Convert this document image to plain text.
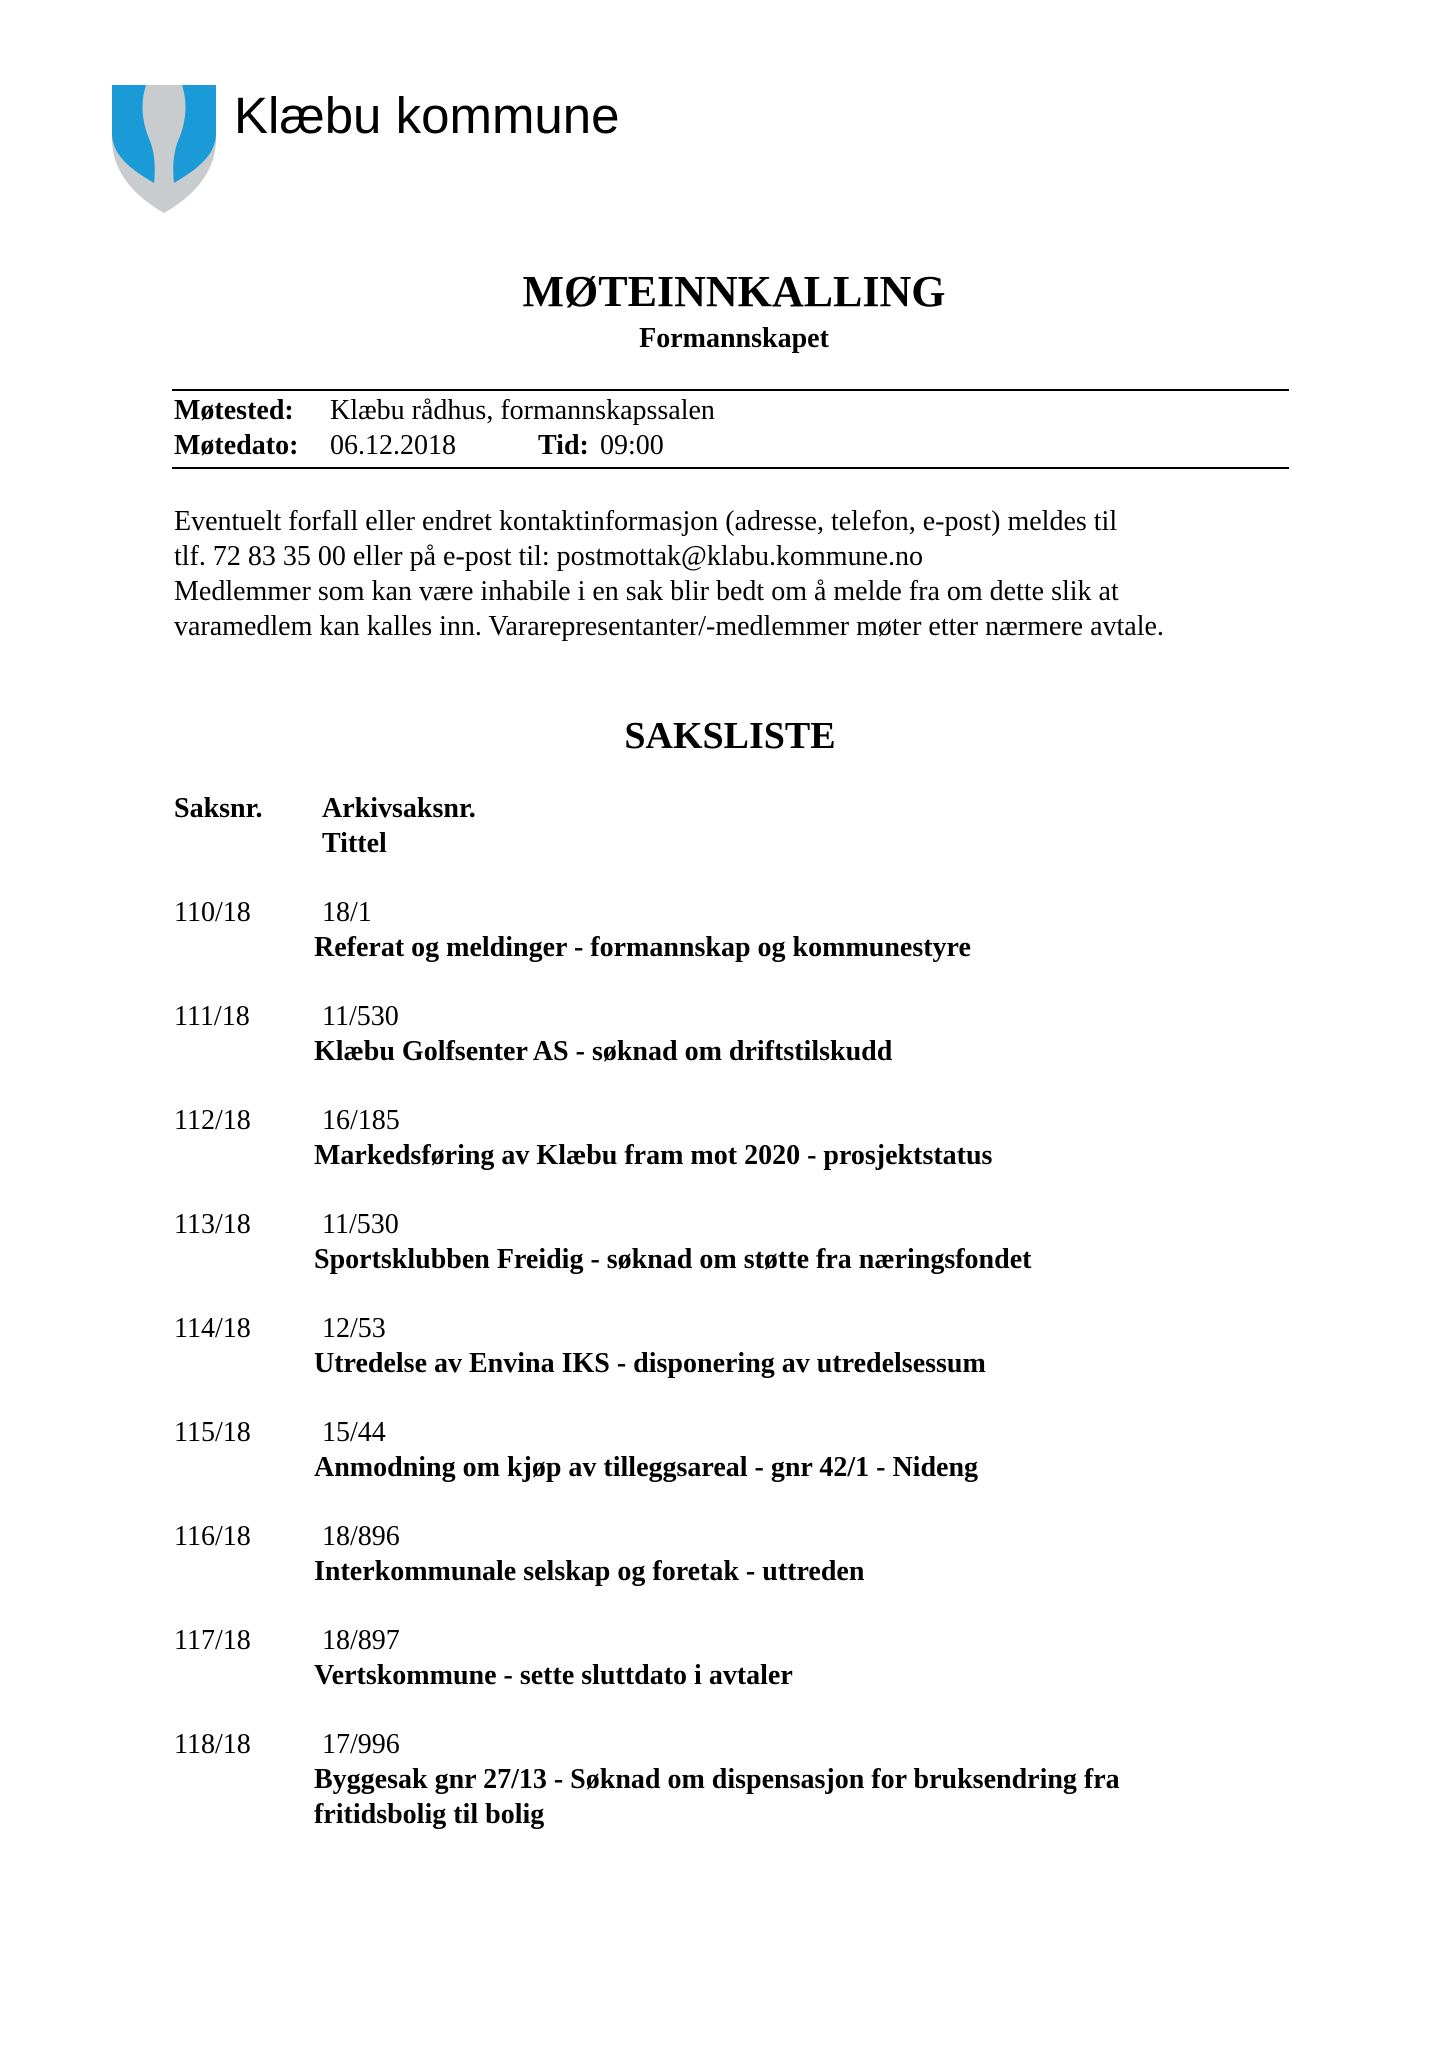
Klæbu kommune
MØTEINNKALLING
Formannskapet
Møtested: Klæbu rådhus, formannskapssalen
Møtedato: 06.12.2018	Tid: 09:00

Eventuelt forfall eller endret kontaktinformasjon (adresse, telefon, e-post) meldes til

tlf. 72 83 35 00 eller på e-post til: postmottak@klabu.kommune.no

Medlemmer som kan være inhabile i en sak blir bedt om å melde fra om dette slik at

varamedlem kan kalles inn. Vararepresentanter/-medlemmer møter etter nærmere avtale.

SAKSLISTE
Saksnr. Arkivsaksnr.
Tittel
110/18	18/1
Referat og meldinger - formannskap og kommunestyre
111/18	11/530
Klæbu Golfsenter AS - søknad om driftstilskudd
112/18	16/185
Markedsføring av Klæbu fram mot 2020 - prosjektstatus
113/18	11/530
Sportsklubben Freidig - søknad om støtte fra næringsfondet
114/18	12/53
Utredelse av Envina IKS - disponering av utredelsessum
115/18	15/44
Anmodning om kjøp av tilleggsareal - gnr 42/1 - Nideng
116/18	18/896
Interkommunale selskap og foretak - uttreden
117/18	18/897
Vertskommune - sette sluttdato i avtaler
118/18	17/996
Byggesak gnr 27/13 - Søknad om dispensasjon for bruksendring fra fritidsbolig til bolig
